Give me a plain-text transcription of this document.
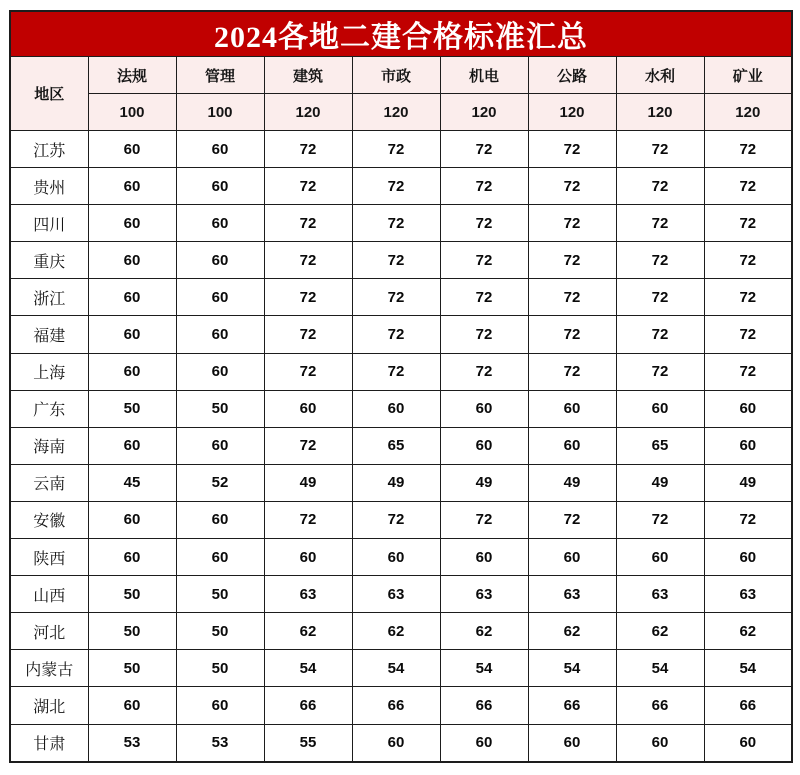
2024各地二建合格标准汇总								
地区	法规	管理	建筑	市政	机电	公路	水利	矿业
	100	100	120	120	120	120	120	120
江苏	60	60	72	72	72	72	72	72
贵州	60	60	72	72	72	72	72	72
四川	60	60	72	72	72	72	72	72
重庆	60	60	72	72	72	72	72	72
浙江	60	60	72	72	72	72	72	72
福建	60	60	72	72	72	72	72	72
上海	60	60	72	72	72	72	72	72
广东	50	50	60	60	60	60	60	60
海南	60	60	72	65	60	60	65	60
云南	45	52	49	49	49	49	49	49
安徽	60	60	72	72	72	72	72	72
陕西	60	60	60	60	60	60	60	60
山西	50	50	63	63	63	63	63	63
河北	50	50	62	62	62	62	62	62
内蒙古	50	50	54	54	54	54	54	54
湖北	60	60	66	66	66	66	66	66
甘肃	53	53	55	60	60	60	60	60
